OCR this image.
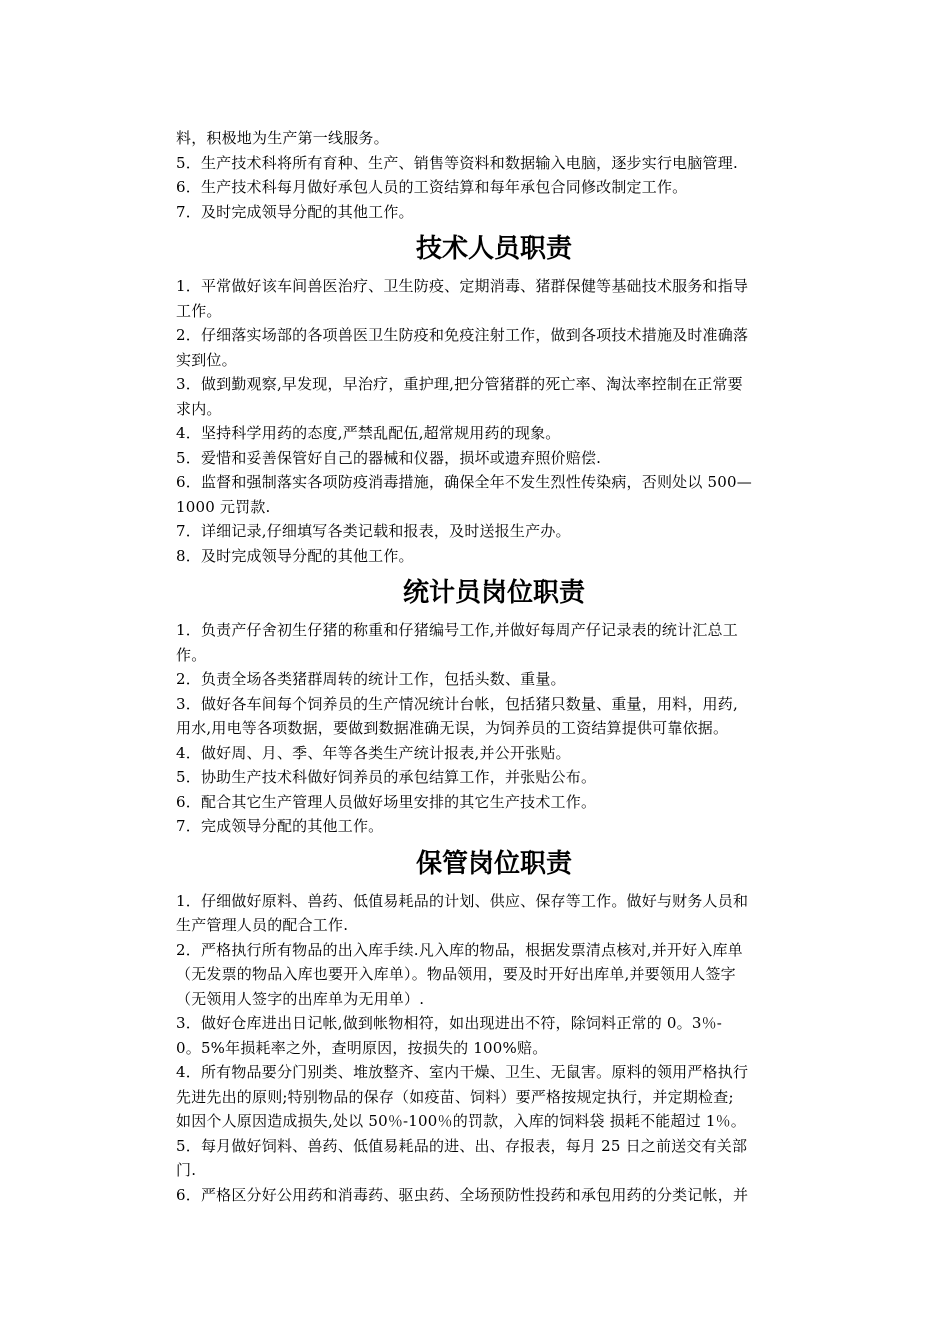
料，积极地为生产第一线服务。
5．生产技术科将所有育种、生产、销售等资料和数据输入电脑，逐步实行电脑管理.
6．生产技术科每月做好承包人员的工资结算和每年承包合同修改制定工作。
7．及时完成领导分配的其他工作。
技术人员职责
1．平常做好该车间兽医治疗、卫生防疫、定期消毒、猪群保健等基础技术服务和指导
工作。
2．仔细落实场部的各项兽医卫生防疫和免疫注射工作，做到各项技术措施及时准确落
实到位。
3．做到勤观察,早发现，早治疗，重护理,把分管猪群的死亡率、淘汰率控制在正常要
求内。
4．坚持科学用药的态度,严禁乱配伍,超常规用药的现象。
5．爱惜和妥善保管好自己的器械和仪器，损坏或遗弃照价赔偿.
6．监督和强制落实各项防疫消毒措施，确保全年不发生烈性传染病，否则处以 500—
1000 元罚款.
7．详细记录,仔细填写各类记载和报表，及时送报生产办。
8．及时完成领导分配的其他工作。
统计员岗位职责
1．负责产仔舍初生仔猪的称重和仔猪编号工作,并做好每周产仔记录表的统计汇总工
作。
2．负责全场各类猪群周转的统计工作，包括头数、重量。
3．做好各车间每个饲养员的生产情况统计台帐，包括猪只数量、重量，用料，用药,
用水,用电等各项数据，要做到数据准确无误，为饲养员的工资结算提供可靠依据。
4．做好周、月、季、年等各类生产统计报表,并公开张贴。
5．协助生产技术科做好饲养员的承包结算工作，并张贴公布。
6．配合其它生产管理人员做好场里安排的其它生产技术工作。
7．完成领导分配的其他工作。
保管岗位职责
1．仔细做好原料、兽药、低值易耗品的计划、供应、保存等工作。做好与财务人员和
生产管理人员的配合工作.
2．严格执行所有物品的出入库手续.凡入库的物品，根据发票清点核对,并开好入库单
（无发票的物品入库也要开入库单）。物品领用，要及时开好出库单,并要领用人签字
（无领用人签字的出库单为无用单）.
3．做好仓库进出日记帐,做到帐物相符，如出现进出不符，除饲料正常的 0。3％-
0。5%年损耗率之外，查明原因，按损失的 100%赔。
4．所有物品要分门别类、堆放整齐、室内干燥、卫生、无鼠害。原料的领用严格执行
先进先出的原则;特别物品的保存（如疫苗、饲料）要严格按规定执行，并定期检查;
如因个人原因造成损失,处以 50％-100％的罚款，入库的饲料袋 损耗不能超过 1％。
5．每月做好饲料、兽药、低值易耗品的进、出、存报表，每月 25 日之前送交有关部
门.
6．严格区分好公用药和消毒药、驱虫药、全场预防性投药和承包用药的分类记帐，并
